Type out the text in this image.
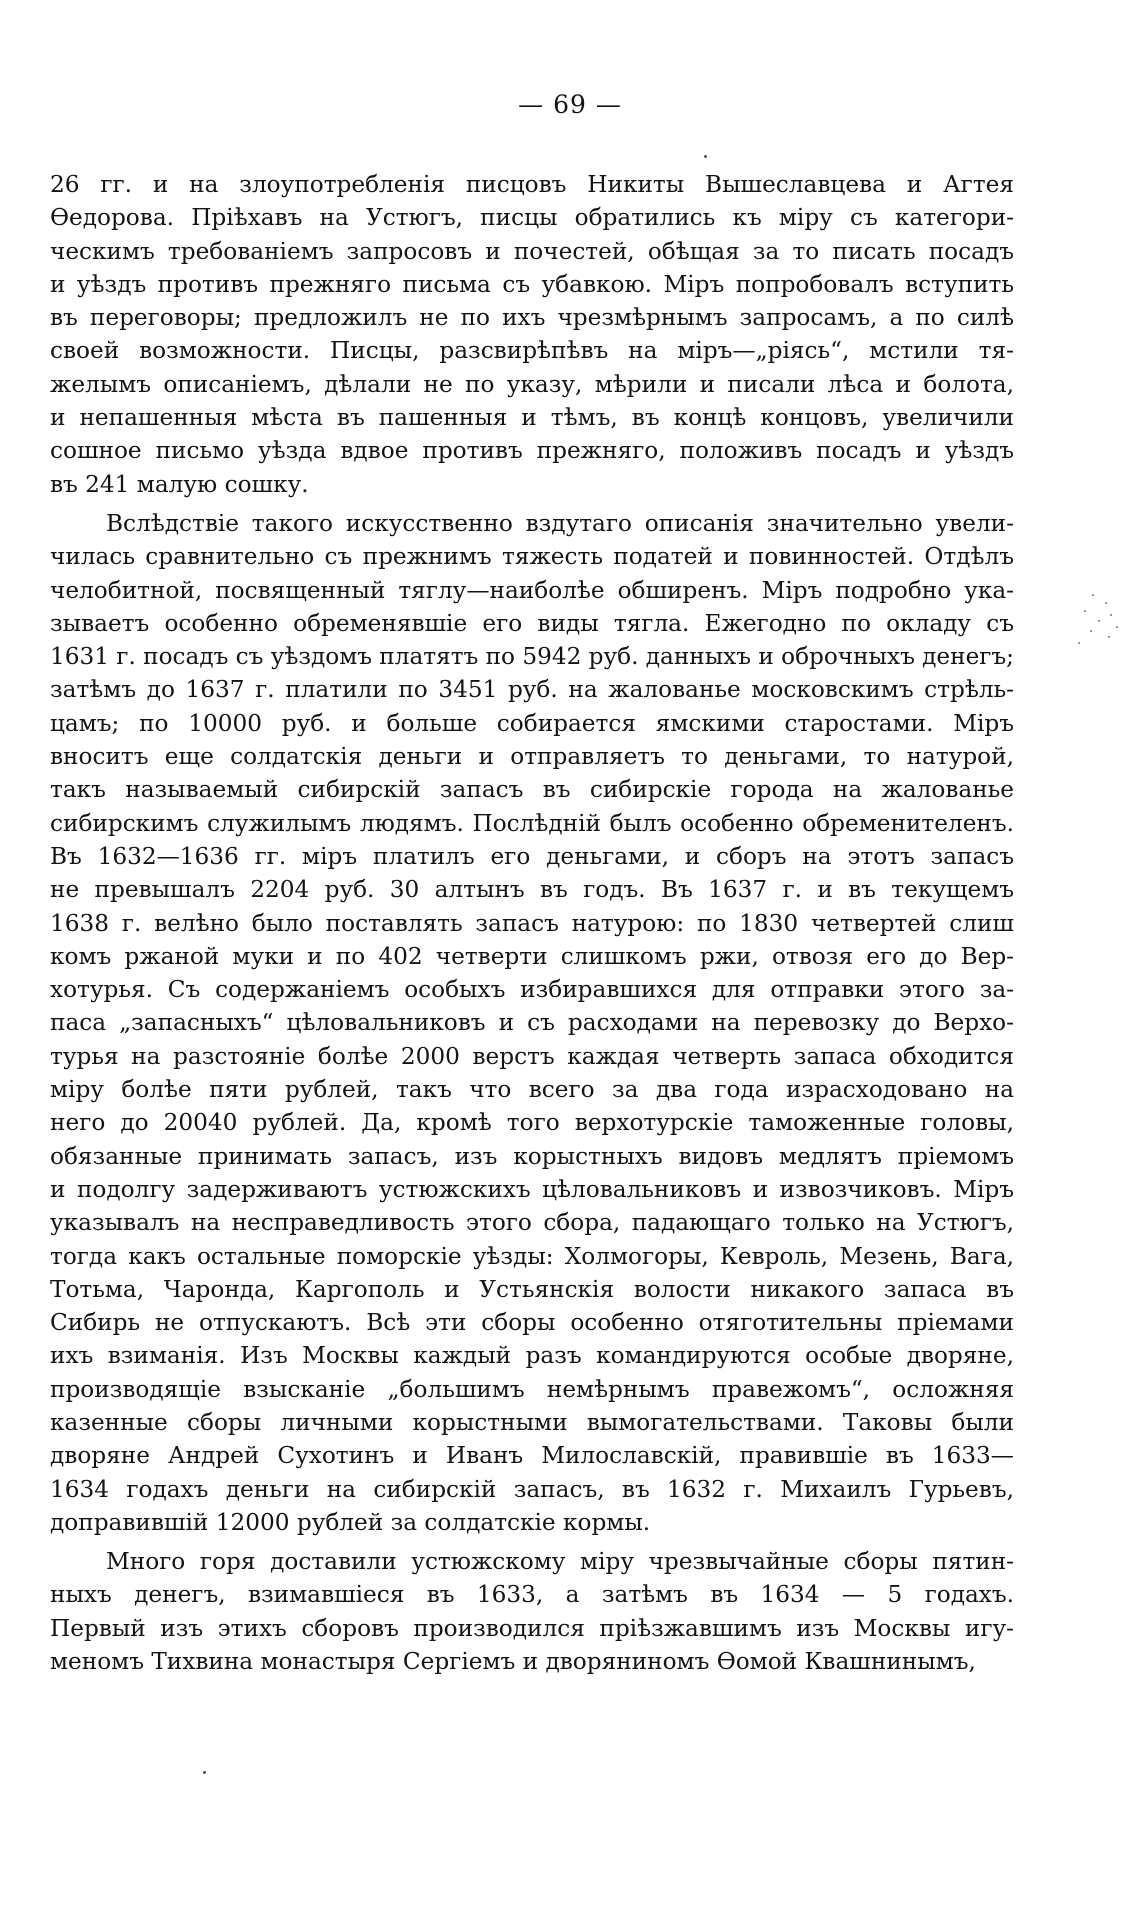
— 69 —
26 гг. и на злоупотребленія писцовъ Никиты Вышеславцева и Агтея
Ѳедорова. Пріѣхавъ на Устюгъ, писцы обратились къ міру съ категори-
ческимъ требованіемъ запросовъ и почестей, обѣщая за то писать посадъ
и уѣздъ противъ прежняго письма съ убавкою. Міръ попробовалъ вступить
въ переговоры; предложилъ не по ихъ чрезмѣрнымъ запросамъ, а по силѣ
своей возможности. Писцы, разсвирѣпѣвъ на міръ—„ріясь“, мстили тя-
желымъ описаніемъ, дѣлали не по указу, мѣрили и писали лѣса и болота,
и непашенныя мѣста въ пашенныя и тѣмъ, въ концѣ концовъ, увеличили
сошное письмо уѣзда вдвое противъ прежняго, положивъ посадъ и уѣздъ
въ 241 малую сошку.
Вслѣдствіе такого искусственно вздутаго описанія значительно увели-
чилась сравнительно съ прежнимъ тяжесть податей и повинностей. Отдѣлъ
челобитной, посвященный тяглу—наиболѣе обширенъ. Міръ подробно ука-
зываетъ особенно обременявшіе его виды тягла. Ежегодно по окладу съ
1631 г. посадъ съ уѣздомъ платятъ по 5942 руб. данныхъ и оброчныхъ денегъ;
затѣмъ до 1637 г. платили по 3451 руб. на жалованье московскимъ стрѣль-
цамъ; по 10000 руб. и больше собирается ямскими старостами. Міръ
вноситъ еще солдатскія деньги и отправляетъ то деньгами, то натурой,
такъ называемый сибирскій запасъ въ сибирскіе города на жалованье
сибирскимъ служилымъ людямъ. Послѣдній былъ особенно обременителенъ.
Въ 1632—1636 гг. міръ платилъ его деньгами, и сборъ на этотъ запасъ
не превышалъ 2204 руб. 30 алтынъ въ годъ. Въ 1637 г. и въ текущемъ
1638 г. велѣно было поставлять запасъ натурою: по 1830 четвертей слиш
комъ ржаной муки и по 402 четверти слишкомъ ржи, отвозя его до Вер-
хотурья. Съ содержаніемъ особыхъ избиравшихся для отправки этого за-
паса „запасныхъ“ цѣловальниковъ и съ расходами на перевозку до Верхо-
турья на разстояніе болѣе 2000 верстъ каждая четверть запаса обходится
міру болѣе пяти рублей, такъ что всего за два года израсходовано на
него до 20040 рублей. Да, кромѣ того верхотурскіе таможенные головы,
обязанные принимать запасъ, изъ корыстныхъ видовъ медлятъ пріемомъ
и подолгу задерживаютъ устюжскихъ цѣловальниковъ и извозчиковъ. Міръ
указывалъ на несправедливость этого сбора, падающаго только на Устюгъ,
тогда какъ остальные поморскіе уѣзды: Холмогоры, Кевроль, Мезень, Вага,
Тотьма, Чаронда, Каргополь и Устьянскія волости никакого запаса въ
Сибирь не отпускаютъ. Всѣ эти сборы особенно отяготительны пріемами
ихъ взиманія. Изъ Москвы каждый разъ командируются особые дворяне,
производящіе взысканіе „большимъ немѣрнымъ правежомъ“, осложняя
казенные сборы личными корыстными вымогательствами. Таковы были
дворяне Андрей Сухотинъ и Иванъ Милославскій, правившіе въ 1633—
1634 годахъ деньги на сибирскій запасъ, въ 1632 г. Михаилъ Гурьевъ,
доправившій 12000 рублей за солдатскіе кормы.
Много горя доставили устюжскому міру чрезвычайные сборы пятин-
ныхъ денегъ, взимавшіеся въ 1633, а затѣмъ въ 1634 — 5 годахъ.
Первый изъ этихъ сборовъ производился пріѣзжавшимъ изъ Москвы игу-
меномъ Тихвина монастыря Сергіемъ и дворяниномъ Ѳомой Квашнинымъ,
